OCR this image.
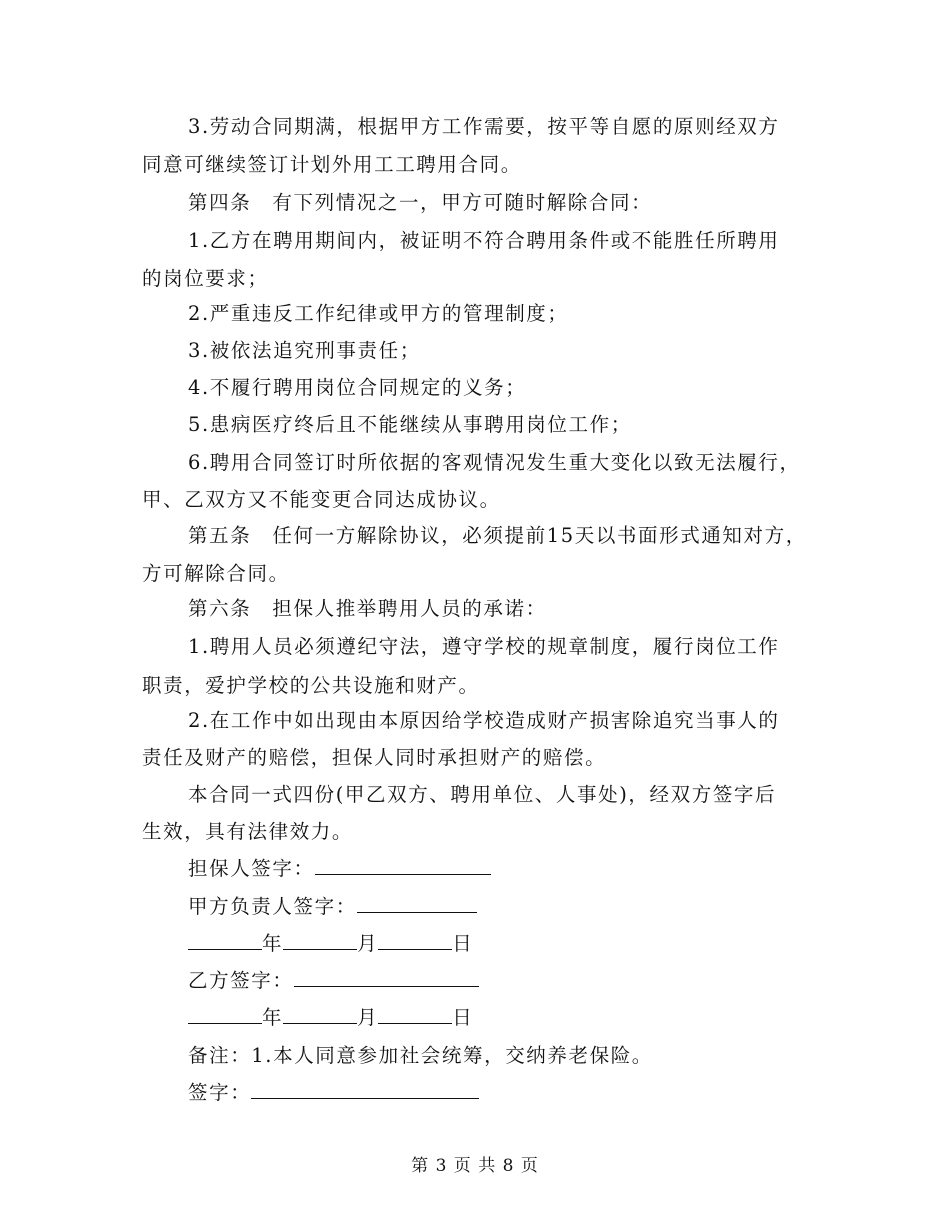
3.劳动合同期满，根据甲方工作需要，按平等自愿的原则经双方
同意可继续签订计划外用工工聘用合同。
第四条　有下列情况之一，甲方可随时解除合同：
1.乙方在聘用期间内，被证明不符合聘用条件或不能胜任所聘用
的岗位要求；
2.严重违反工作纪律或甲方的管理制度；
3.被依法追究刑事责任；
4.不履行聘用岗位合同规定的义务；
5.患病医疗终后且不能继续从事聘用岗位工作；
6.聘用合同签订时所依据的客观情况发生重大变化以致无法履行，
甲、乙双方又不能变更合同达成协议。
第五条　任何一方解除协议，必须提前15天以书面形式通知对方，
方可解除合同。
第六条　担保人推举聘用人员的承诺：
1.聘用人员必须遵纪守法，遵守学校的规章制度，履行岗位工作
职责，爱护学校的公共设施和财产。
2.在工作中如出现由本原因给学校造成财产损害除追究当事人的
责任及财产的赔偿，担保人同时承担财产的赔偿。
本合同一式四份(甲乙双方、聘用单位、人事处)，经双方签字后
生效，具有法律效力。
担保人签字：
甲方负责人签字：
年	月	日
乙方签字：
年	月	日
备注：1.本人同意参加社会统筹，交纳养老保险。
签字：
第 3 页 共 8 页
